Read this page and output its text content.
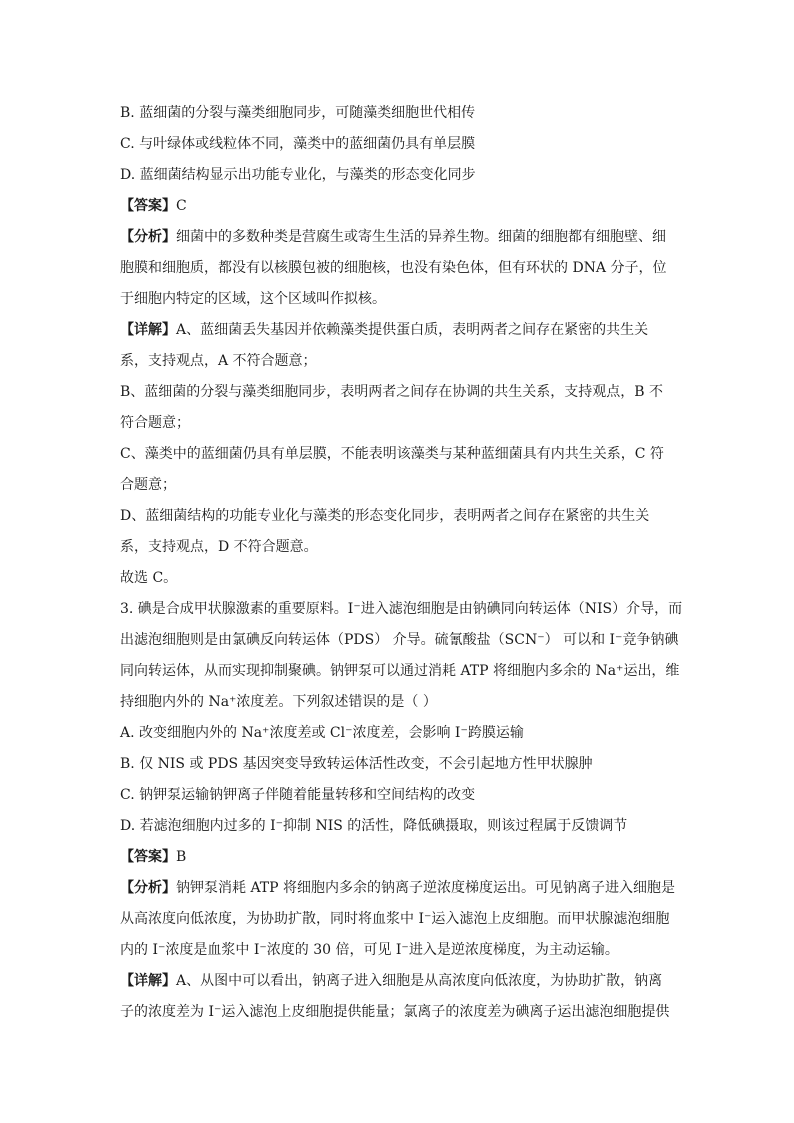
B. 蓝细菌的分裂与藻类细胞同步，可随藻类细胞世代相传
C. 与叶绿体或线粒体不同，藻类中的蓝细菌仍具有单层膜
D. 蓝细菌结构显示出功能专业化，与藻类的形态变化同步
【答案】C
【分析】细菌中的多数种类是营腐生或寄生生活的异养生物。细菌的细胞都有细胞壁、细
胞膜和细胞质，都没有以核膜包被的细胞核，也没有染色体，但有环状的 DNA 分子，位
于细胞内特定的区域，这个区域叫作拟核。
【详解】A、蓝细菌丢失基因并依赖藻类提供蛋白质，表明两者之间存在紧密的共生关
系，支持观点，A 不符合题意；
B、蓝细菌的分裂与藻类细胞同步，表明两者之间存在协调的共生关系，支持观点，B 不
符合题意；
C、藻类中的蓝细菌仍具有单层膜，不能表明该藻类与某种蓝细菌具有内共生关系，C 符
合题意；
D、蓝细菌结构的功能专业化与藻类的形态变化同步，表明两者之间存在紧密的共生关
系，支持观点，D 不符合题意。
故选 C。
3. 碘是合成甲状腺激素的重要原料。I⁻进入滤泡细胞是由钠碘同向转运体（NIS）介导，而
出滤泡细胞则是由氯碘反向转运体（PDS） 介导。硫氰酸盐（SCN⁻） 可以和 I⁻竞争钠碘
同向转运体，从而实现抑制聚碘。钠钾泵可以通过消耗 ATP 将细胞内多余的 Na⁺运出，维
持细胞内外的 Na⁺浓度差。下列叙述错误的是（ ）
A. 改变细胞内外的 Na⁺浓度差或 Cl⁻浓度差，会影响 I⁻跨膜运输
B. 仅 NIS 或 PDS 基因突变导致转运体活性改变，不会引起地方性甲状腺肿
C. 钠钾泵运输钠钾离子伴随着能量转移和空间结构的改变
D. 若滤泡细胞内过多的 I⁻抑制 NIS 的活性，降低碘摄取，则该过程属于反馈调节
【答案】B
【分析】钠钾泵消耗 ATP 将细胞内多余的钠离子逆浓度梯度运出。可见钠离子进入细胞是
从高浓度向低浓度，为协助扩散，同时将血浆中 I⁻运入滤泡上皮细胞。而甲状腺滤泡细胞
内的 I⁻浓度是血浆中 I⁻浓度的 30 倍，可见 I⁻进入是逆浓度梯度，为主动运输。
【详解】A、从图中可以看出，钠离子进入细胞是从高浓度向低浓度，为协助扩散，钠离
子的浓度差为 I⁻运入滤泡上皮细胞提供能量；氯离子的浓度差为碘离子运出滤泡细胞提供
